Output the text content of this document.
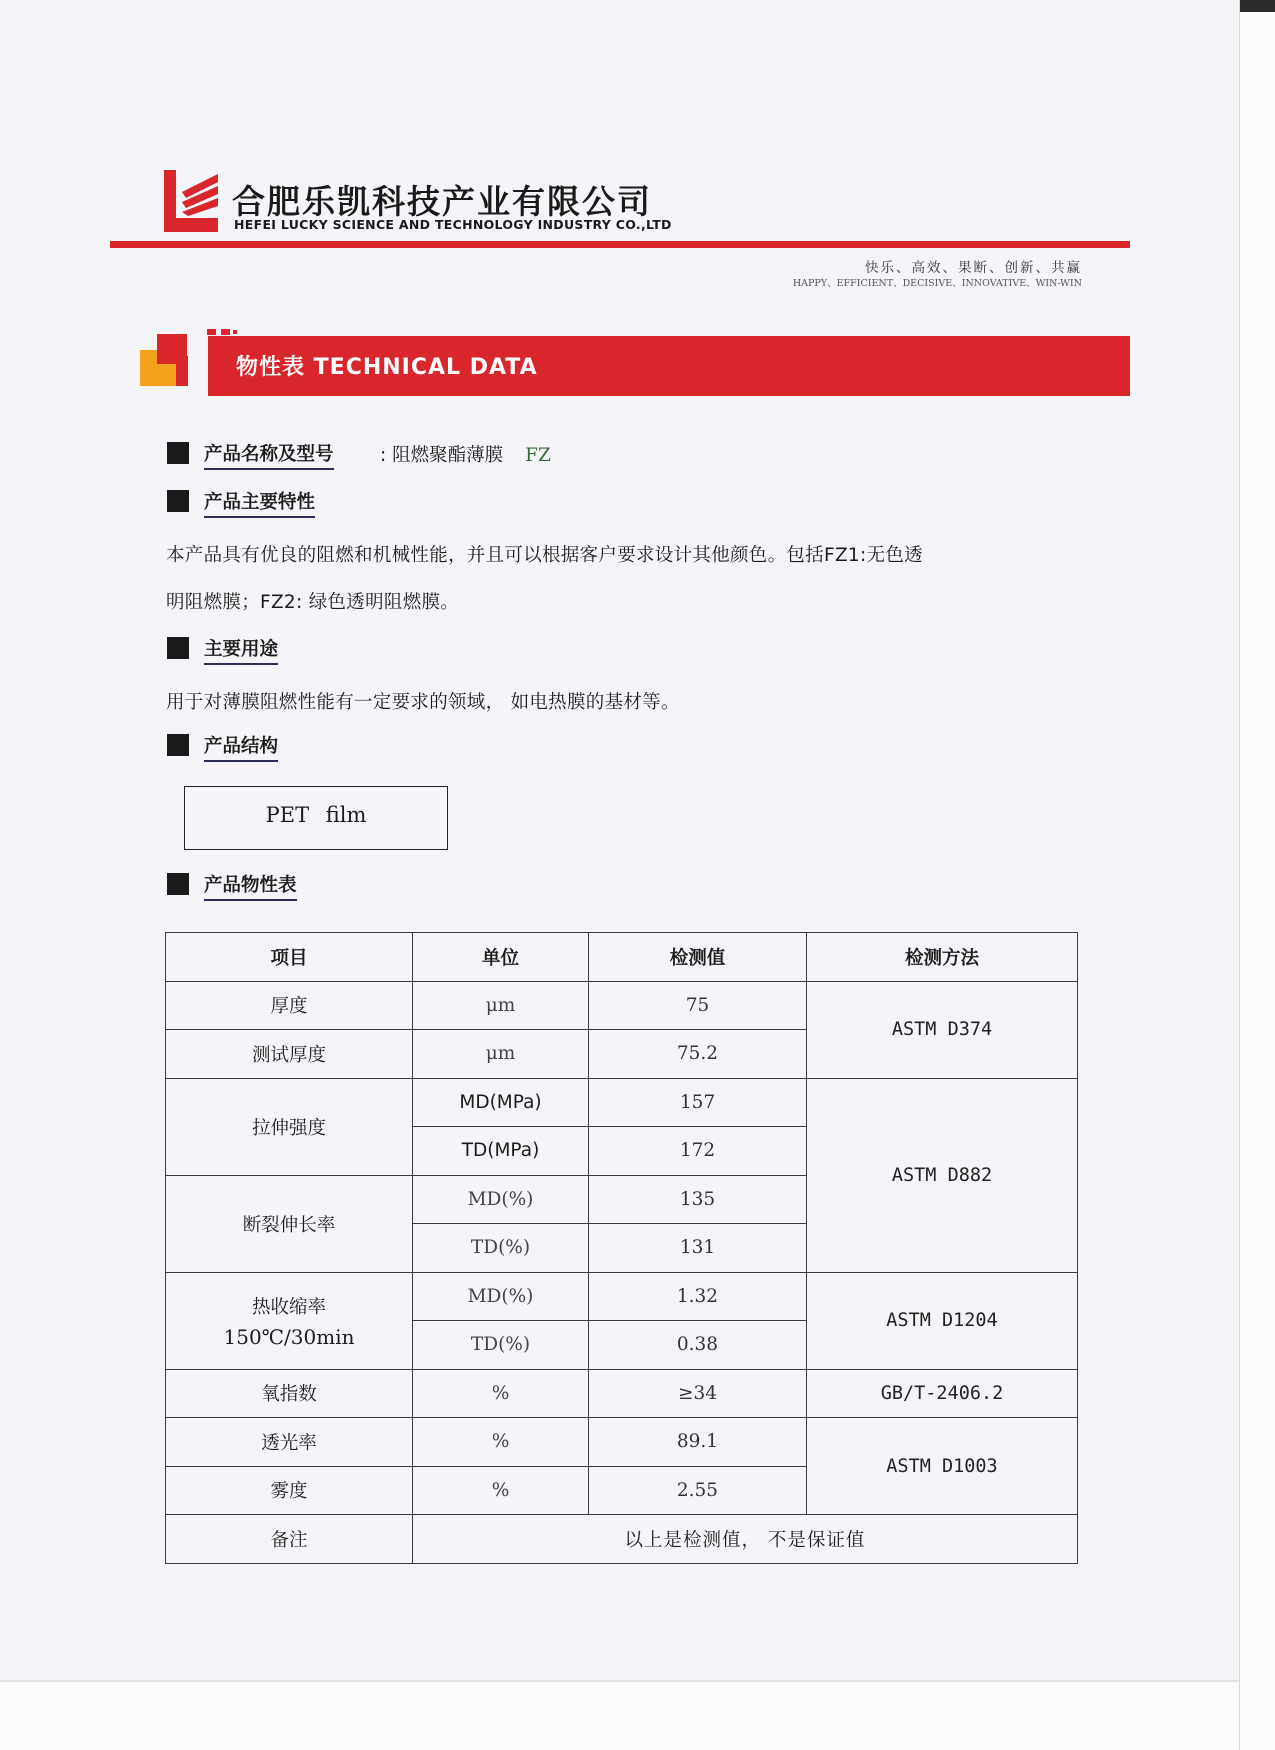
合肥乐凯科技产业有限公司
HEFEI LUCKY SCIENCE AND TECHNOLOGY INDUSTRY CO.,LTD
快乐、高效、果断、创新、共赢
HAPPY、EFFICIENT、DECISIVE、INNOVATIVE、WIN-WIN
物性表 TECHNICAL DATA
产品名称及型号	: 阻燃聚酯薄膜 FZ
产品主要特性
本产品具有优良的阻燃和机械性能，并且可以根据客户要求设计其他颜色。包括FZ1:无色透
明阻燃膜；FZ2: 绿色透明阻燃膜。
主要用途
用于对薄膜阻燃性能有一定要求的领域， 如电热膜的基材等。
产品结构
PET film
产品物性表
项目	单位	检测值	检测方法
厚度	μm	75	ASTM D374
测试厚度	μm	75.2	
拉伸强度	MD(MPa)	157	ASTM D882
	TD(MPa)	172	
断裂伸长率	MD(%)	135	
	TD(%)	131	
热收缩率
150℃/30min	MD(%)	1.32	ASTM D1204
	TD(%)	0.38	
氧指数	%	≥34	GB/T-2406.2
透光率	%	89.1	ASTM D1003
雾度	%	2.55	
备注	以上是检测值， 不是保证值		
